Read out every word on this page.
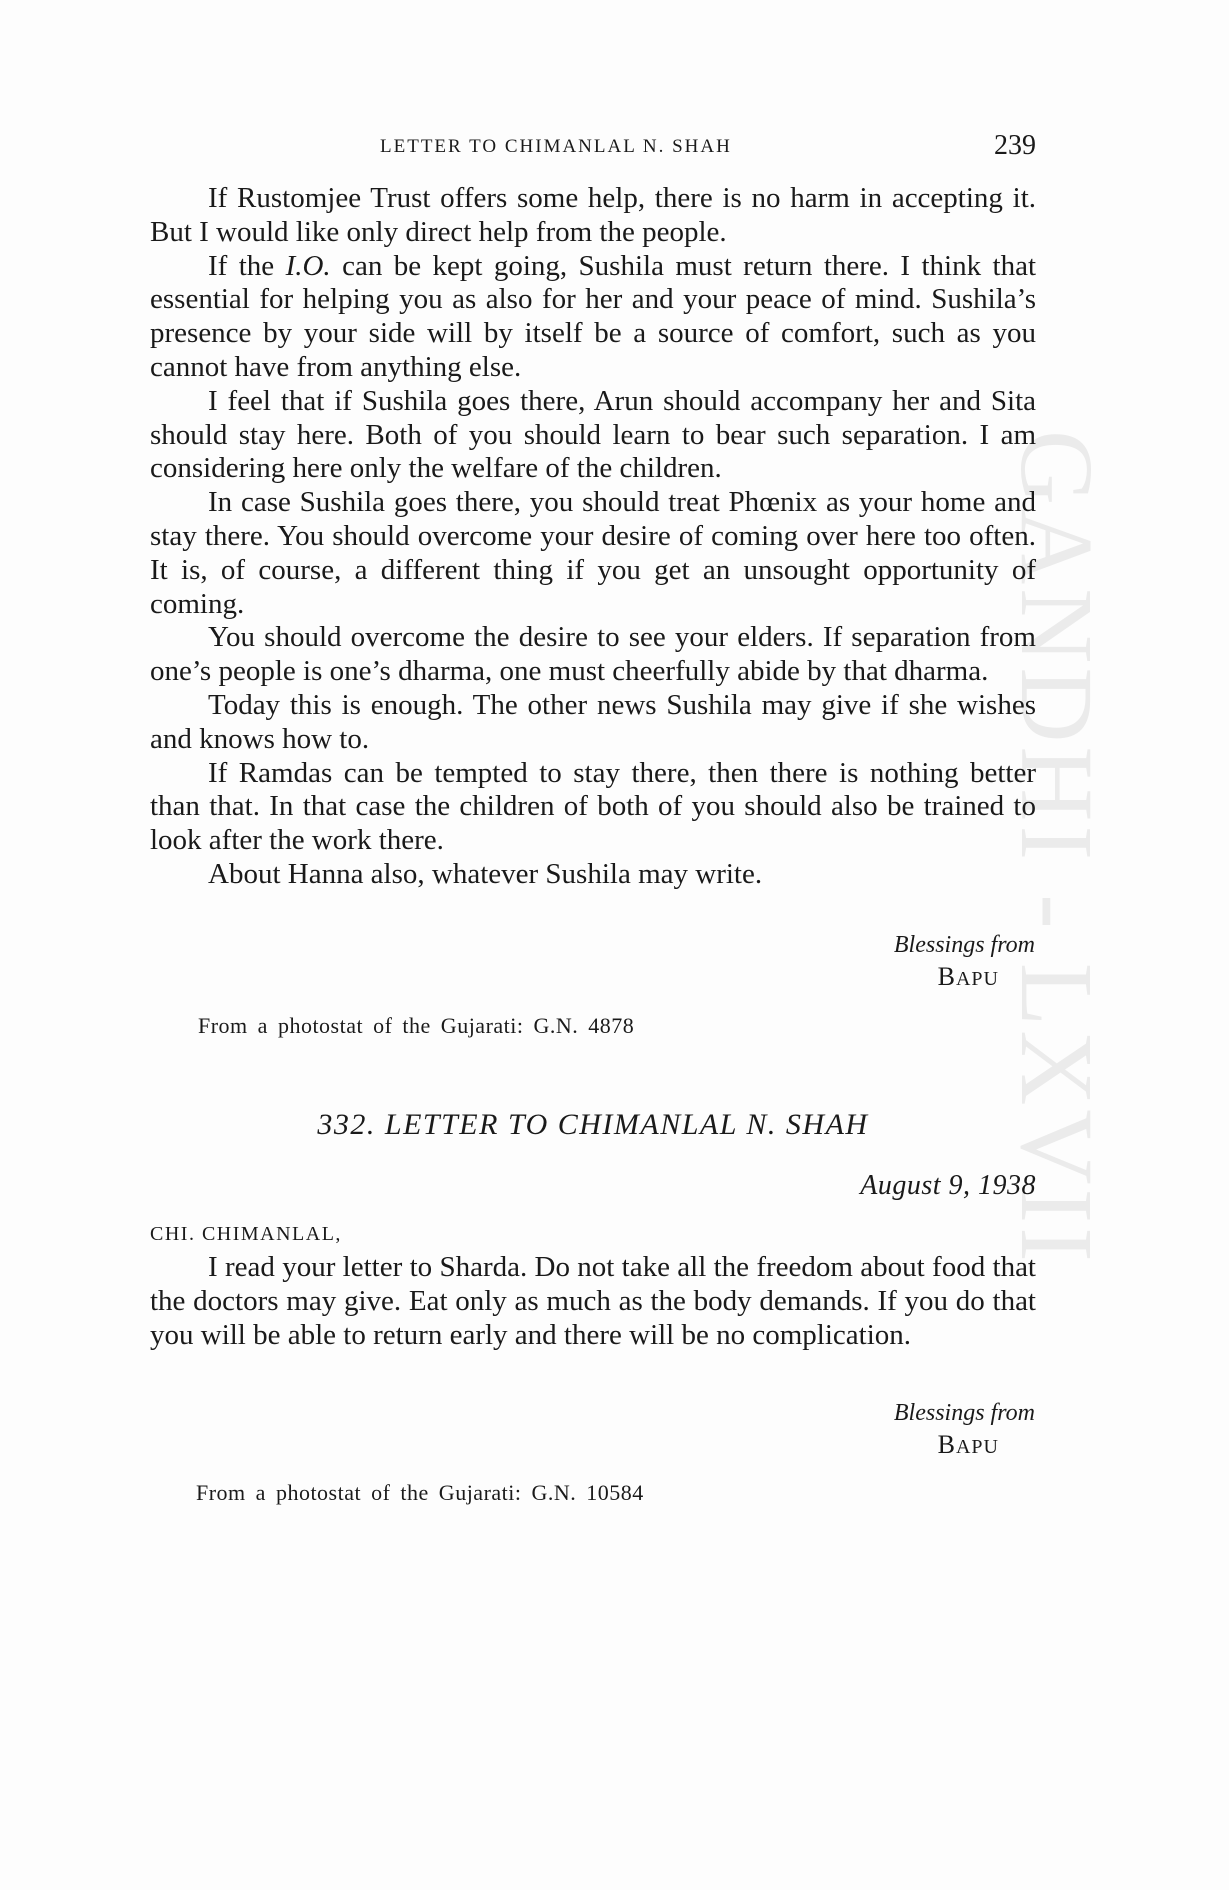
GANDHI - LXVII
LETTER TO CHIMANLAL N. SHAH	239

If Rustomjee Trust offers some help, there is no harm in accepting it. But I would like only direct help from the people.

If the I.O. can be kept going, Sushila must return there. I think that essential for helping you as also for her and your peace of mind. Sushila’s presence by your side will by itself be a source of comfort, such as you cannot have from anything else.

I feel that if Sushila goes there, Arun should accompany her and Sita should stay here. Both of you should learn to bear such separation. I am considering here only the welfare of the children.

In case Sushila goes there, you should treat Phœnix as your home and stay there. You should overcome your desire of coming over here too often. It is, of course, a different thing if you get an unsought opportunity of coming.

You should overcome the desire to see your elders. If separation from one’s people is one’s dharma, one must cheerfully abide by that dharma.

Today this is enough. The other news Sushila may give if she wishes and knows how to.

If Ramdas can be tempted to stay there, then there is nothing better than that. In that case the children of both of you should also be trained to look after the work there.

About Hanna also, whatever Sushila may write.

Blessings from
BAPU
From a photostat of the Gujarati: G.N. 4878
332. LETTER TO CHIMANLAL N. SHAH
August 9, 1938
CHI. CHIMANLAL,

I read your letter to Sharda. Do not take all the freedom about food that the doctors may give. Eat only as much as the body demands. If you do that you will be able to return early and there will be no complication.

Blessings from
BAPU
From a photostat of the Gujarati: G.N. 10584
